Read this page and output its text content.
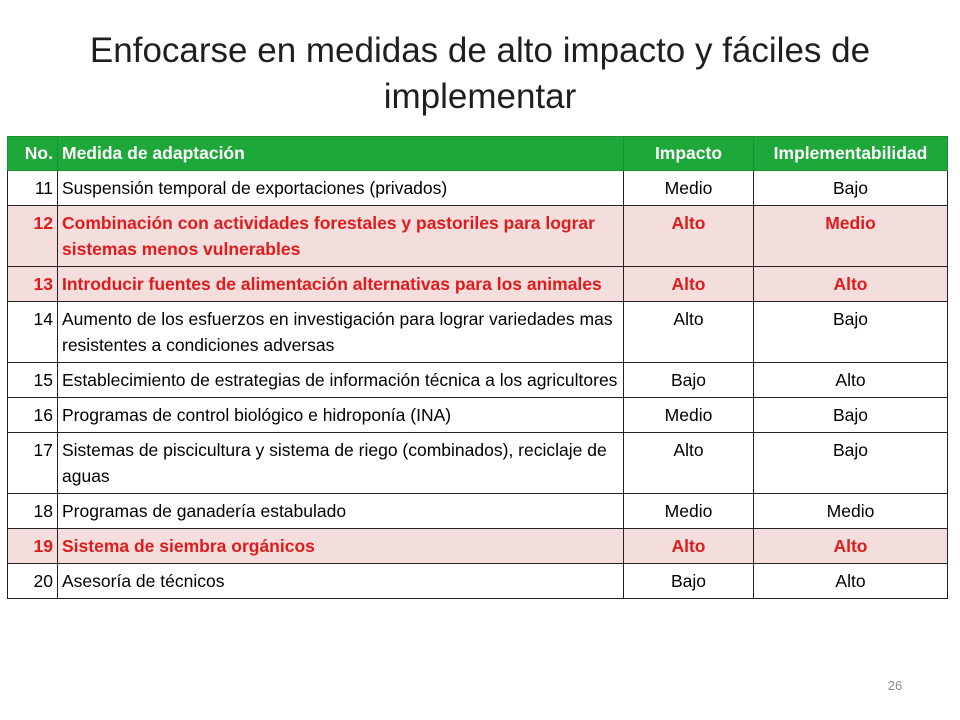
Enfocarse en medidas de alto impacto y fáciles de implementar
No.	Medida de adaptación	Impacto	Implementabilidad
11	Suspensión temporal de exportaciones (privados)	Medio	Bajo
12	Combinación con actividades forestales y pastoriles para lograr sistemas menos vulnerables	Alto	Medio
13	Introducir fuentes de alimentación alternativas para los animales	Alto	Alto
14	Aumento de los esfuerzos en investigación para lograr variedades mas resistentes a condiciones adversas	Alto	Bajo
15	Establecimiento de estrategias de información técnica a los agricultores	Bajo	Alto
16	Programas de control biológico e hidroponía (INA)	Medio	Bajo
17	Sistemas de piscicultura y sistema de riego (combinados), reciclaje de aguas	Alto	Bajo
18	Programas de ganadería estabulado	Medio	Medio
19	Sistema de siembra orgánicos	Alto	Alto
20	Asesoría de técnicos	Bajo	Alto
26
